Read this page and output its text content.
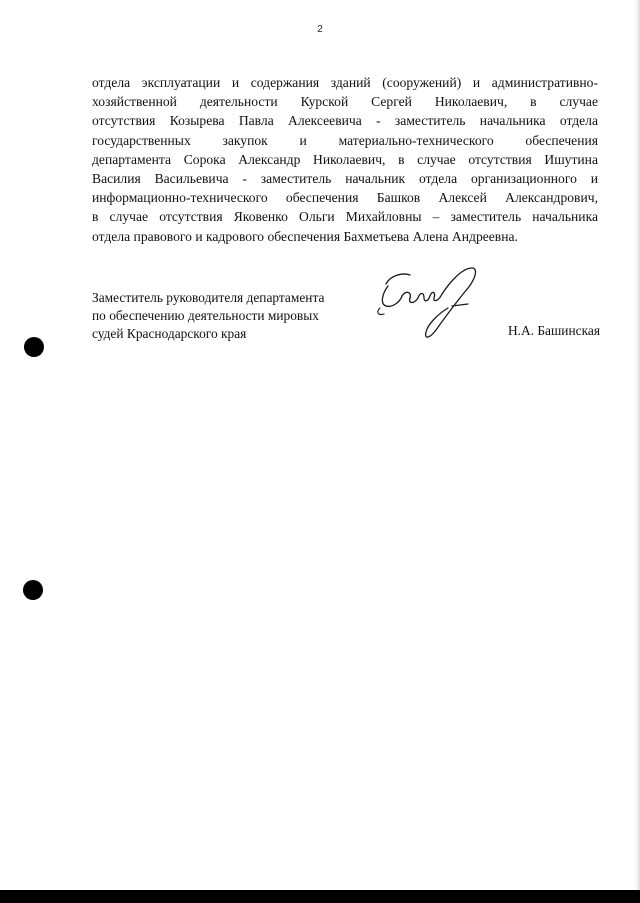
2
отдела эксплуатации и содержания зданий (сооружений) и административно-
хозяйственной деятельности Курской Сергей Николаевич, в случае
отсутствия Козырева Павла Алексеевича - заместитель начальника отдела
государственных закупок и материально-технического обеспечения
департамента Сорока Александр Николаевич, в случае отсутствия Ишутина
Василия Васильевича - заместитель начальник отдела организационного и
информационно-технического обеспечения Башков Алексей Александрович,
в случае отсутствия Яковенко Ольги Михайловны – заместитель начальника
отдела правового и кадрового обеспечения Бахметьева Алена Андреевна.
Заместитель руководителя департамента
по обеспечению деятельности мировых
судей Краснодарского края	Н.А. Башинская
